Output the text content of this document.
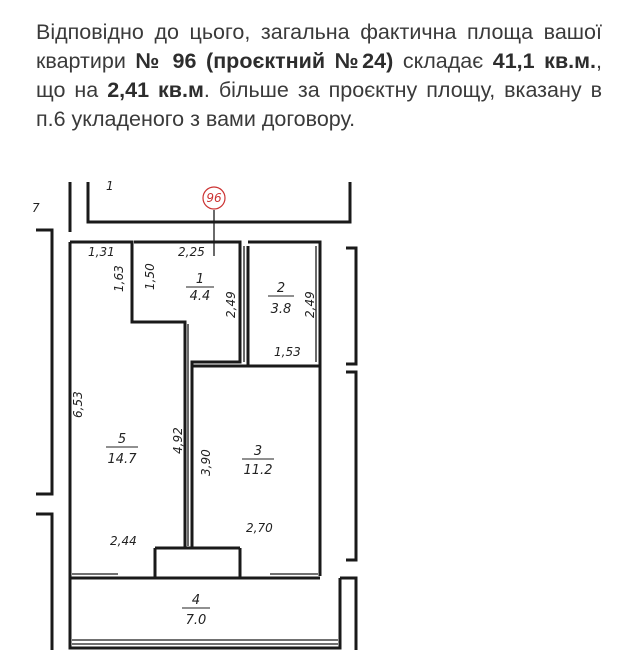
Відповідно до цього, загальна фактична площа вашої квартири № 96 (проєктний №24) складає 41,1 кв.м., що на 2,41 кв.м. більше за проєктну площу, вказану в п.6 укладеного з вами договору.

96
1
7
1,31	2,25
1,63 1,50
2,49	2,49
1,53
6,53
4,92
3,90
2,44
2,70
1
4.4
2
3.8
3
11.2
4
7.0
5
14.7
